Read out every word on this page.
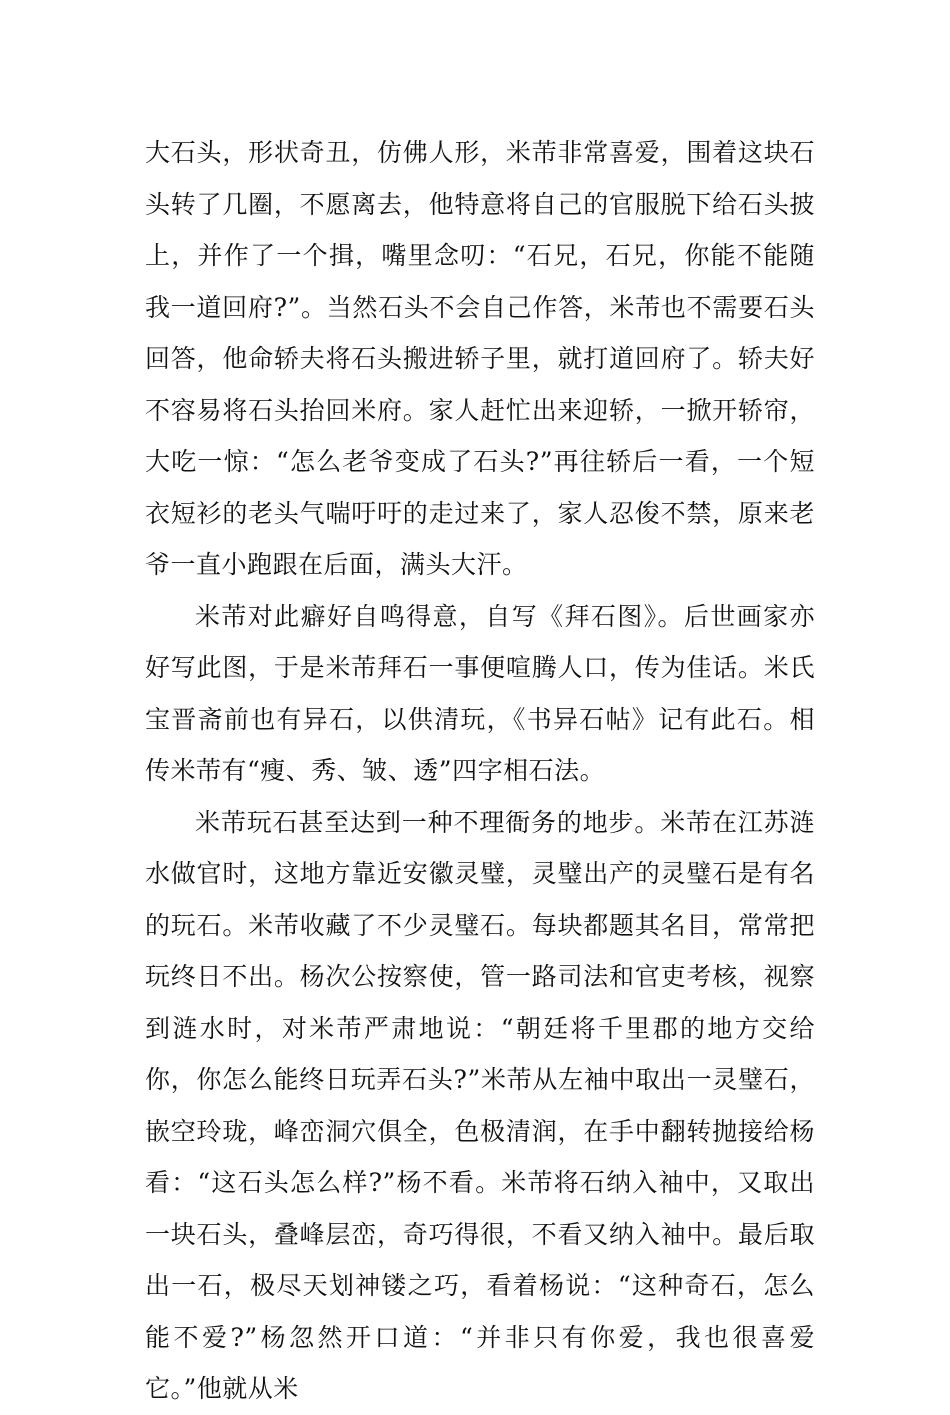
大石头，形状奇丑，仿佛人形，米芾非常喜爱，围着这块石头转了几圈，不愿离去，他特意将自己的官服脱下给石头披上，并作了一个揖，嘴里念叨：“石兄，石兄，你能不能随我一道回府?”。当然石头不会自己作答，米芾也不需要石头回答，他命轿夫将石头搬进轿子里，就打道回府了。轿夫好不容易将石头抬回米府。家人赶忙出来迎轿，一掀开轿帘，大吃一惊：“怎么老爷变成了石头?”再往轿后一看，一个短衣短衫的老头气喘吁吁的走过来了，家人忍俊不禁，原来老爷一直小跑跟在后面，满头大汗。

米芾对此癖好自鸣得意，自写《拜石图》。后世画家亦好写此图，于是米芾拜石一事便喧腾人口，传为佳话。米氏宝晋斋前也有异石，以供清玩，《书异石帖》记有此石。相传米芾有“瘦、秀、皱、透”四字相石法。

米芾玩石甚至达到一种不理衙务的地步。米芾在江苏涟水做官时，这地方靠近安徽灵璧，灵璧出产的灵璧石是有名的玩石。米芾收藏了不少灵璧石。每块都题其名目，常常把玩终日不出。杨次公按察使，管一路司法和官吏考核，视察到涟水时，对米芾严肃地说：“朝廷将千里郡的地方交给你，你怎么能终日玩弄石头?”米芾从左袖中取出一灵璧石，嵌空玲珑，峰峦洞穴俱全，色极清润，在手中翻转抛接给杨看：“这石头怎么样?”杨不看。米芾将石纳入袖中，又取出一块石头，叠峰层峦，奇巧得很，不看又纳入袖中。最后取出一石，极尽天划神镂之巧，看着杨说：“这种奇石，怎么能不爱?”杨忽然开口道：“并非只有你爱，我也很喜爱它。”他就从米
